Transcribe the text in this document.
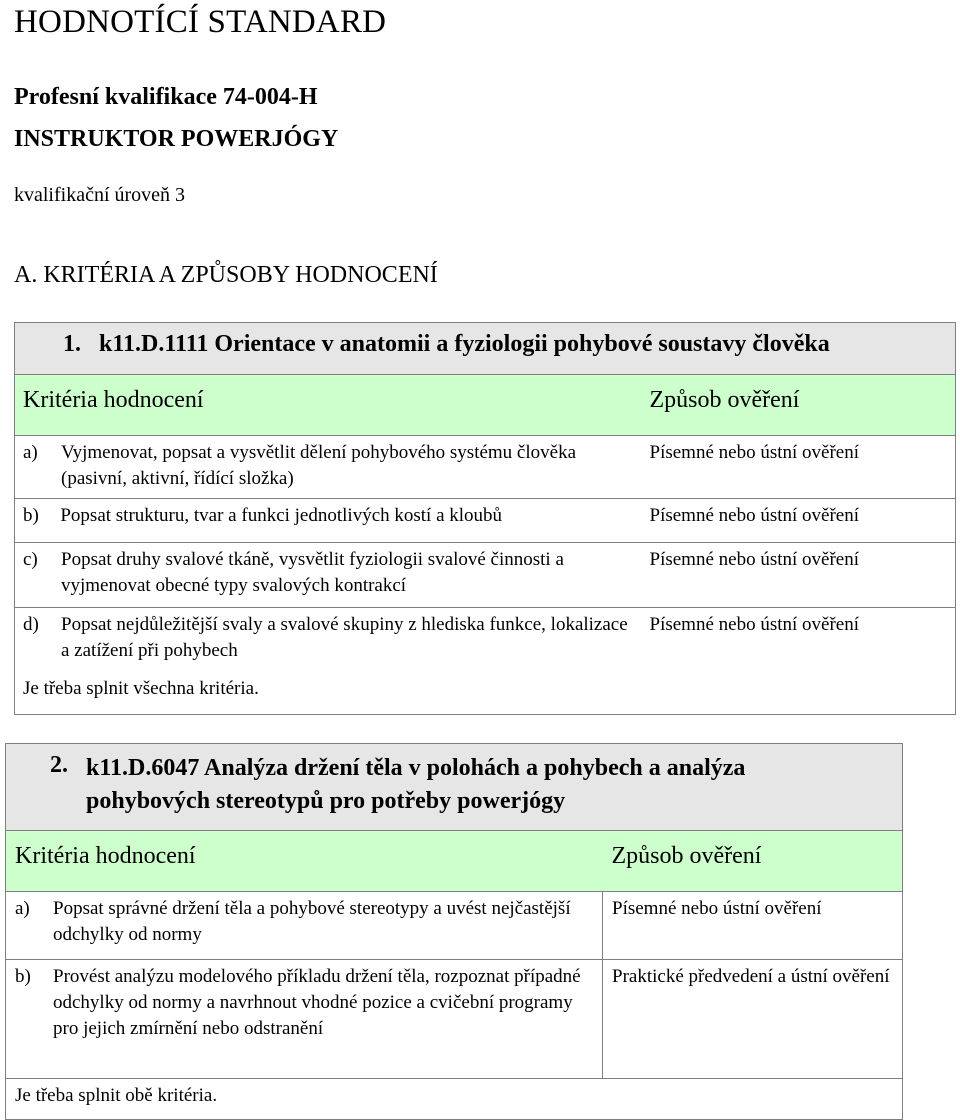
HODNOTÍCÍ STANDARD
Profesní kvalifikace 74-004-H
INSTRUKTOR POWERJÓGY
kvalifikační úroveň 3
A. KRITÉRIA A ZPŮSOBY HODNOCENÍ
1. k11.D.1111 Orientace v anatomii a fyziologii pohybové soustavy člověka	
Kritéria hodnocení	Způsob ověření

a) Vyjmenovat, popsat a vysvětlit dělení pohybového systému člověka (pasivní, aktivní, řídící složka)	Písemné nebo ústní ověření

b) Popsat strukturu, tvar a funkci jednotlivých kostí a kloubů	Písemné nebo ústní ověření

c) Popsat druhy svalové tkáně, vysvětlit fyziologii svalové činnosti a vyjmenovat obecné typy svalových kontrakcí	Písemné nebo ústní ověření

d) Popsat nejdůležitější svaly a svalové skupiny z hlediska funkce, lokalizace a zatížení při pohybech	Písemné nebo ústní ověření
Je třeba splnit všechna kritéria.	
2. k11.D.6047 Analýza držení těla v polohách a pohybech a analýza pohybových stereotypů pro potřeby powerjógy	

Kritéria hodnocení	Způsob ověření

a) Popsat správné držení těla a pohybové stereotypy a uvést nejčastější odchylky od normy	Písemné nebo ústní ověření

b) Provést analýzu modelového příkladu držení těla, rozpoznat případné odchylky od normy a navrhnout vhodné pozice a cvičební programy pro jejich zmírnění nebo odstranění	Praktické předvedení a ústní ověření
Je třeba splnit obě kritéria.	
